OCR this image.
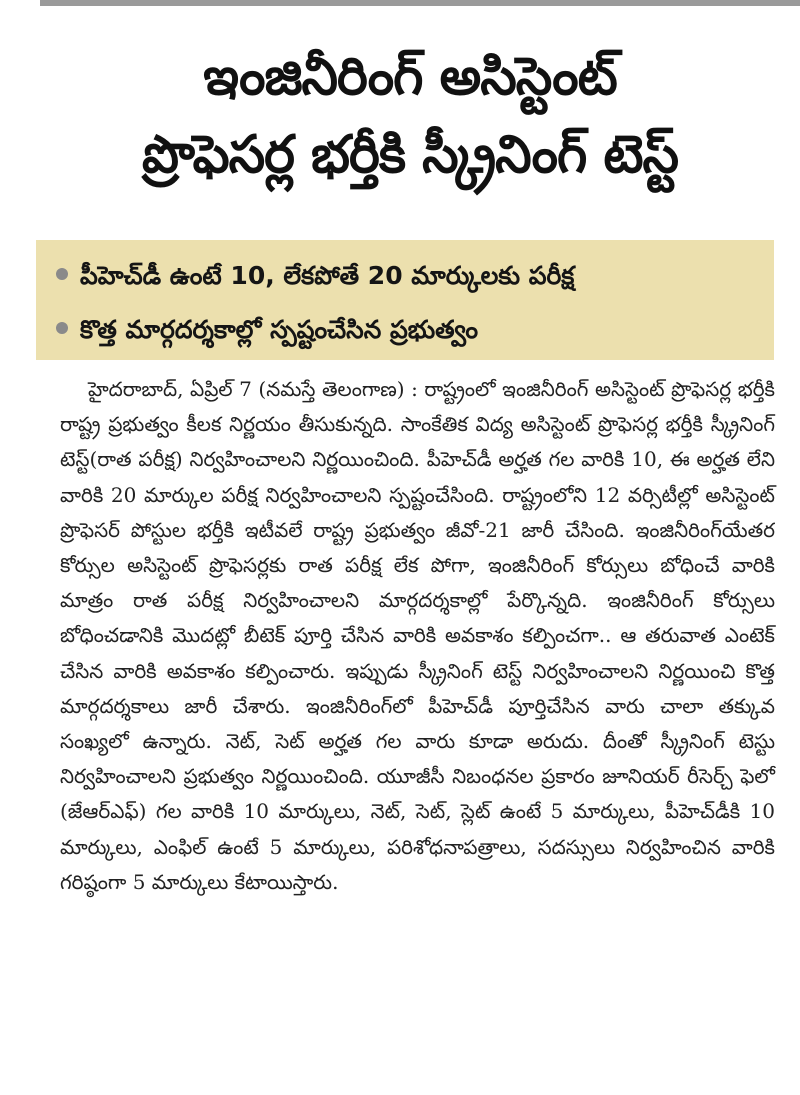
ఇంజినీరింగ్ అసిస్టెంట్
ప్రొఫెసర్ల భర్తీకి స్క్రీనింగ్ టెస్ట్
పీహెచ్‌డీ ఉంటే 10, లేకపోతే 20 మార్కులకు పరీక్ష
కొత్త మార్గదర్శకాల్లో స్పష్టంచేసిన ప్రభుత్వం
హైదరాబాద్, ఏప్రిల్ 7 (నమస్తే తెలంగాణ) : రాష్ట్రంలో ఇంజినీరింగ్ అసిస్టెంట్ ప్రొఫెసర్ల భర్తీకి రాష్ట్ర ప్రభుత్వం కీలక నిర్ణయం తీసుకున్నది. సాంకేతిక విద్య అసిస్టెంట్ ప్రొఫెసర్ల భర్తీకి స్క్రీనింగ్ టెస్ట్(రాత పరీక్ష) నిర్వహించాలని నిర్ణయించింది. పీహెచ్‌డీ అర్హత గల వారికి 10, ఈ అర్హత లేని వారికి 20 మార్కుల పరీక్ష నిర్వహించాలని స్పష్టంచేసింది. రాష్ట్రంలోని 12 వర్సిటీల్లో అసిస్టెంట్ ప్రొఫెసర్ పోస్టుల భర్తీకి ఇటీవలే రాష్ట్ర ప్రభుత్వం జీవో-21 జారీ చేసింది. ఇంజినీరింగ్‌యేతర కోర్సుల అసిస్టెంట్ ప్రొఫెసర్లకు రాత పరీక్ష లేక పోగా, ఇంజినీరింగ్ కోర్సులు బోధించే వారికి మాత్రం రాత పరీక్ష నిర్వహించాలని మార్గదర్శకాల్లో పేర్కొన్నది. ఇంజినీరింగ్ కోర్సులు బోధించడానికి మొదట్లో బీటెక్ పూర్తి చేసిన వారికి అవకాశం కల్పించగా.. ఆ తరువాత ఎంటెక్ చేసిన వారికి అవకాశం కల్పించారు. ఇప్పుడు స్క్రీనింగ్ టెస్ట్ నిర్వహించాలని నిర్ణయించి కొత్త మార్గదర్శకాలు జారీ చేశారు. ఇంజినీరింగ్‌లో పీహెచ్‌డీ పూర్తిచేసిన వారు చాలా తక్కువ సంఖ్యలో ఉన్నారు. నెట్, సెట్ అర్హత గల వారు కూడా అరుదు. దీంతో స్క్రీనింగ్ టెస్టు నిర్వహించాలని ప్రభుత్వం నిర్ణయించింది. యూజీసీ నిబంధనల ప్రకారం జూనియర్ రీసెర్చ్ ఫెలో (జేఆర్ఎఫ్) గల వారికి 10 మార్కులు, నెట్, సెట్, స్లెట్ ఉంటే 5 మార్కులు, పీహెచ్‌డీకి 10 మార్కులు, ఎంఫిల్ ఉంటే 5 మార్కులు, పరిశోధనాపత్రాలు, సదస్సులు నిర్వహించిన వారికి గరిష్ఠంగా 5 మార్కులు కేటాయిస్తారు.
